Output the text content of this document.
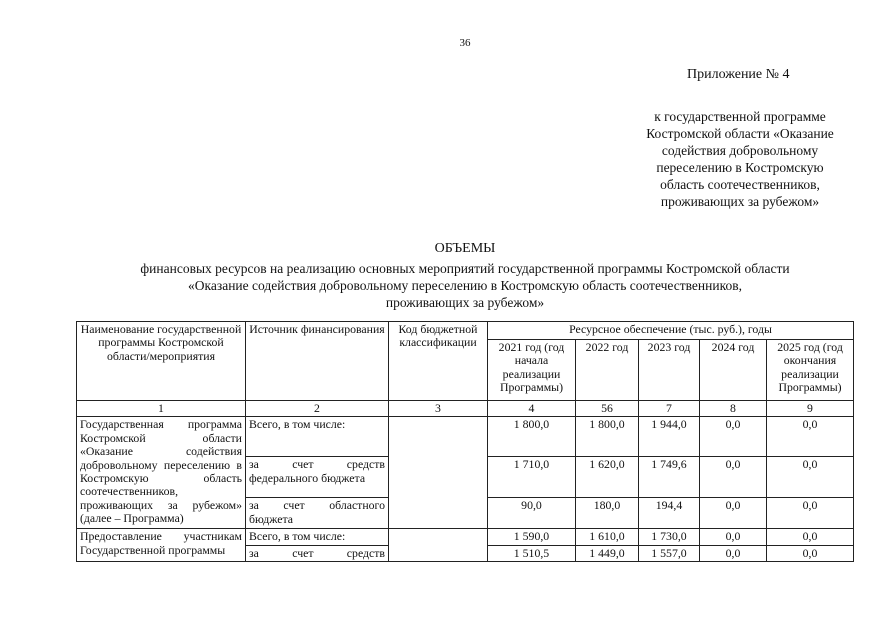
36
Приложение № 4
к государственной программе
Костромской области «Оказание
содействия добровольному
переселению в Костромскую
область соотечественников,
проживающих за рубежом»
ОБЪЕМЫ
финансовых ресурсов на реализацию основных мероприятий государственной программы Костромской области
«Оказание содействия добровольному переселению в Костромскую область соотечественников,
проживающих за рубежом»
Наименование государственной программы Костромской области/мероприятия	Источник финансирования	Код бюджетной классификации	Ресурсное обеспечение (тыс. руб.), годы				
			2021 год (год начала реализации Программы)	2022 год	2023 год	2024 год	2025 год (год окончания реализации Программы)
1	2	3	4	56	7	8	9
Государственная программа Костромской области «Оказание содействия добровольному переселению в Костромскую область соотечественников, проживающих за рубежом» (далее – Программа)	Всего, в том числе:		1 800,0	1 800,0	1 944,0	0,0	0,0
	за счет средств федерального бюджета		1 710,0	1 620,0	1 749,6	0,0	0,0
	за счет областного бюджета		90,0	180,0	194,4	0,0	0,0
Предоставление участникам Государственной программы	Всего, в том числе:		1 590,0	1 610,0	1 730,0	0,0	0,0
	за счет средств		1 510,5	1 449,0	1 557,0	0,0	0,0
